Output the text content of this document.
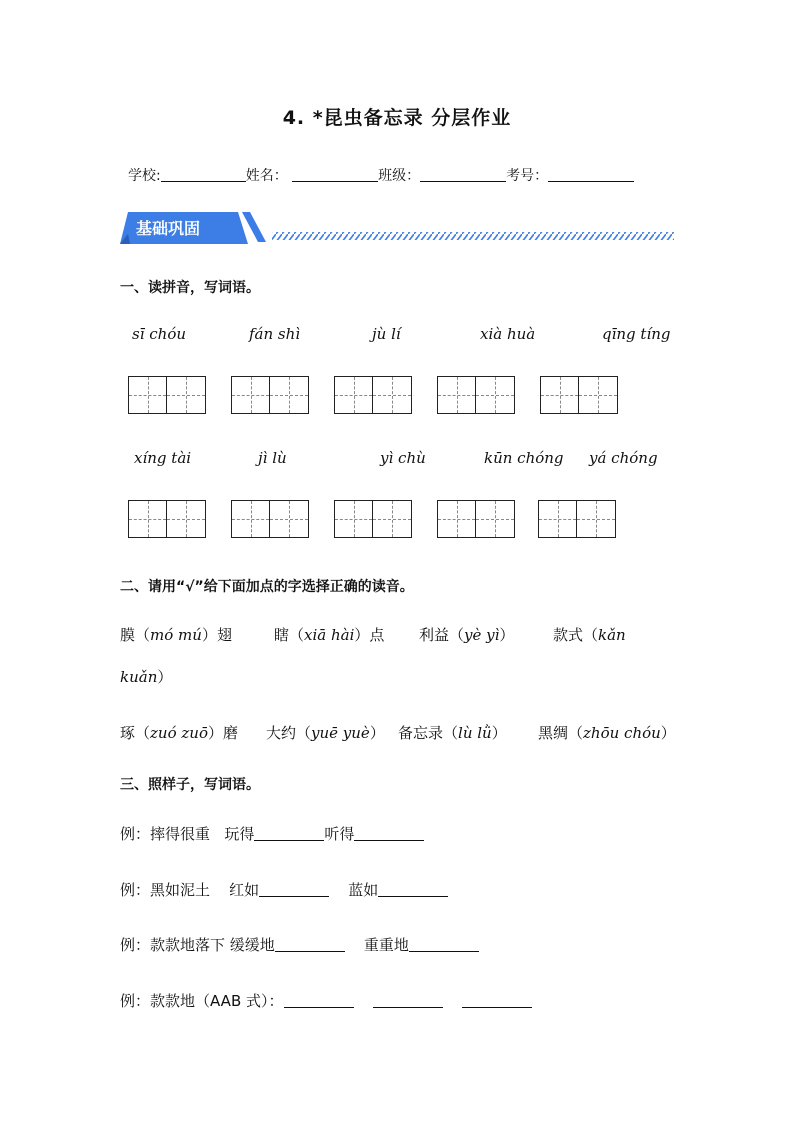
4. *昆虫备忘录 分层作业
学校:	姓名：	班级：	考号：
基础巩固
一、读拼音，写词语。
sī chóu	fán shì	jù lí	xià huà	qīng tíng
xíng tài	jì lù	yì chù	kūn chóng yá chóng
二、请用“√”给下面加点的字选择正确的读音。
膜（mó mú）翅	瞎（xiā hài）点 利益（yè yì）	款式（kǎn
kuǎn）
琢（zuó zuō）磨 大约（yuē yuè） 备忘录（lù lǜ） 黑绸（zhōu chóu）
三、照样子，写词语。
例：摔得很重 玩得	听得
例：黑如泥土 红如	蓝如
例：款款地落下 缓缓地	重重地
例：款款地（AAB 式）：
